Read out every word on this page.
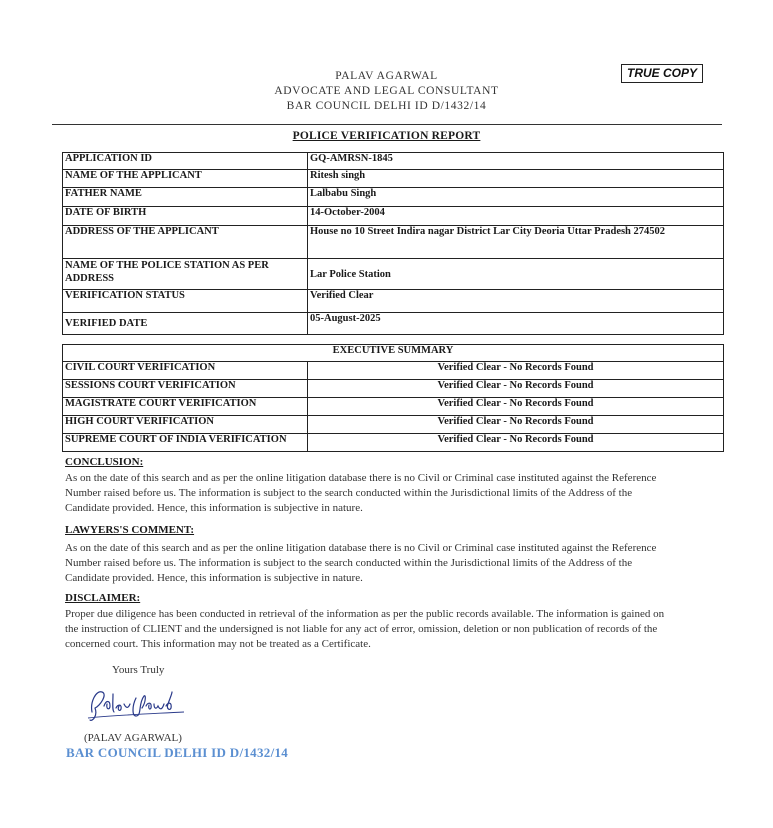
PALAV AGARWAL
ADVOCATE AND LEGAL CONSULTANT
BAR COUNCIL DELHI ID D/1432/14
TRUE COPY
POLICE VERIFICATION REPORT
APPLICATION ID	GQ-AMRSN-1845
NAME OF THE APPLICANT	Ritesh singh
FATHER NAME	Lalbabu Singh
DATE OF BIRTH	14-October-2004
ADDRESS OF THE APPLICANT	House no 10 Street Indira nagar District Lar City Deoria Uttar Pradesh 274502
NAME OF THE POLICE STATION AS PER ADDRESS	Lar Police Station
VERIFICATION STATUS	Verified Clear
VERIFIED DATE	05-August-2025
EXECUTIVE SUMMARY	
CIVIL COURT VERIFICATION	Verified Clear - No Records Found
SESSIONS COURT VERIFICATION	Verified Clear - No Records Found
MAGISTRATE COURT VERIFICATION	Verified Clear - No Records Found
HIGH COURT VERIFICATION	Verified Clear - No Records Found
SUPREME COURT OF INDIA VERIFICATION	Verified Clear - No Records Found
CONCLUSION:
As on the date of this search and as per the online litigation database there is no Civil or Criminal case instituted against the Reference
Number raised before us. The information is subject to the search conducted within the Jurisdictional limits of the Address of the
Candidate provided. Hence, this information is subjective in nature.
LAWYERS'S COMMENT:
As on the date of this search and as per the online litigation database there is no Civil or Criminal case instituted against the Reference
Number raised before us. The information is subject to the search conducted within the Jurisdictional limits of the Address of the
Candidate provided. Hence, this information is subjective in nature.
DISCLAIMER:
Proper due diligence has been conducted in retrieval of the information as per the public records available. The information is gained on
the instruction of CLIENT and the undersigned is not liable for any act of error, omission, deletion or non publication of records of the
concerned court. This information may not be treated as a Certificate.
Yours Truly
(PALAV AGARWAL)
BAR COUNCIL DELHI ID D/1432/14
